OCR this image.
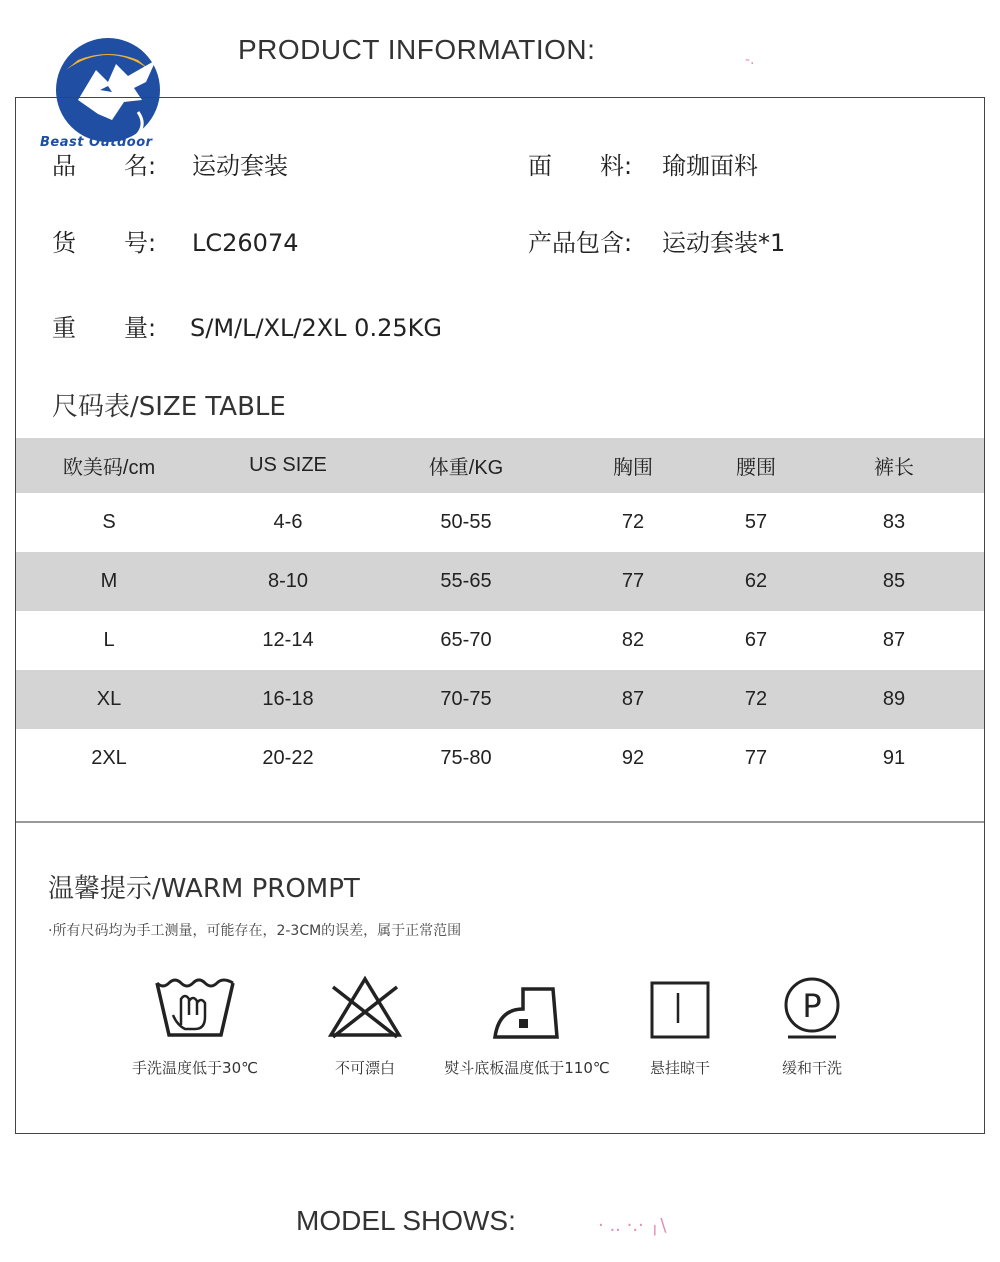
Beast Outdoor
PRODUCT INFORMATION:	-.
品　　名: 运动套装	面　　料: 瑜珈面料
货　　号: LC26074	产品包含: 运动套装*1
重　　量: S/M/L/XL/2XL 0.25KG
尺码表/SIZE TABLE
欧美码/cm	US SIZE	体重/KG	胸围	腰围	裤长
S	4-6	50-55	72	57	83
M	8-10	55-65	77	62	85
L	12-14	65-70	82	67	87
XL	16-18	70-75	87	72	89
2XL	20-22	75-80	92	77	91
温馨提示/WARM PROMPT
·所有尺码均为手工测量，可能存在，2-3CM的误差，属于正常范围
手洗温度低于30℃	不可漂白	熨斗底板温度低于110℃	悬挂晾干
P
缓和干洗
MODEL SHOWS:	· .. ·.· ╷\
